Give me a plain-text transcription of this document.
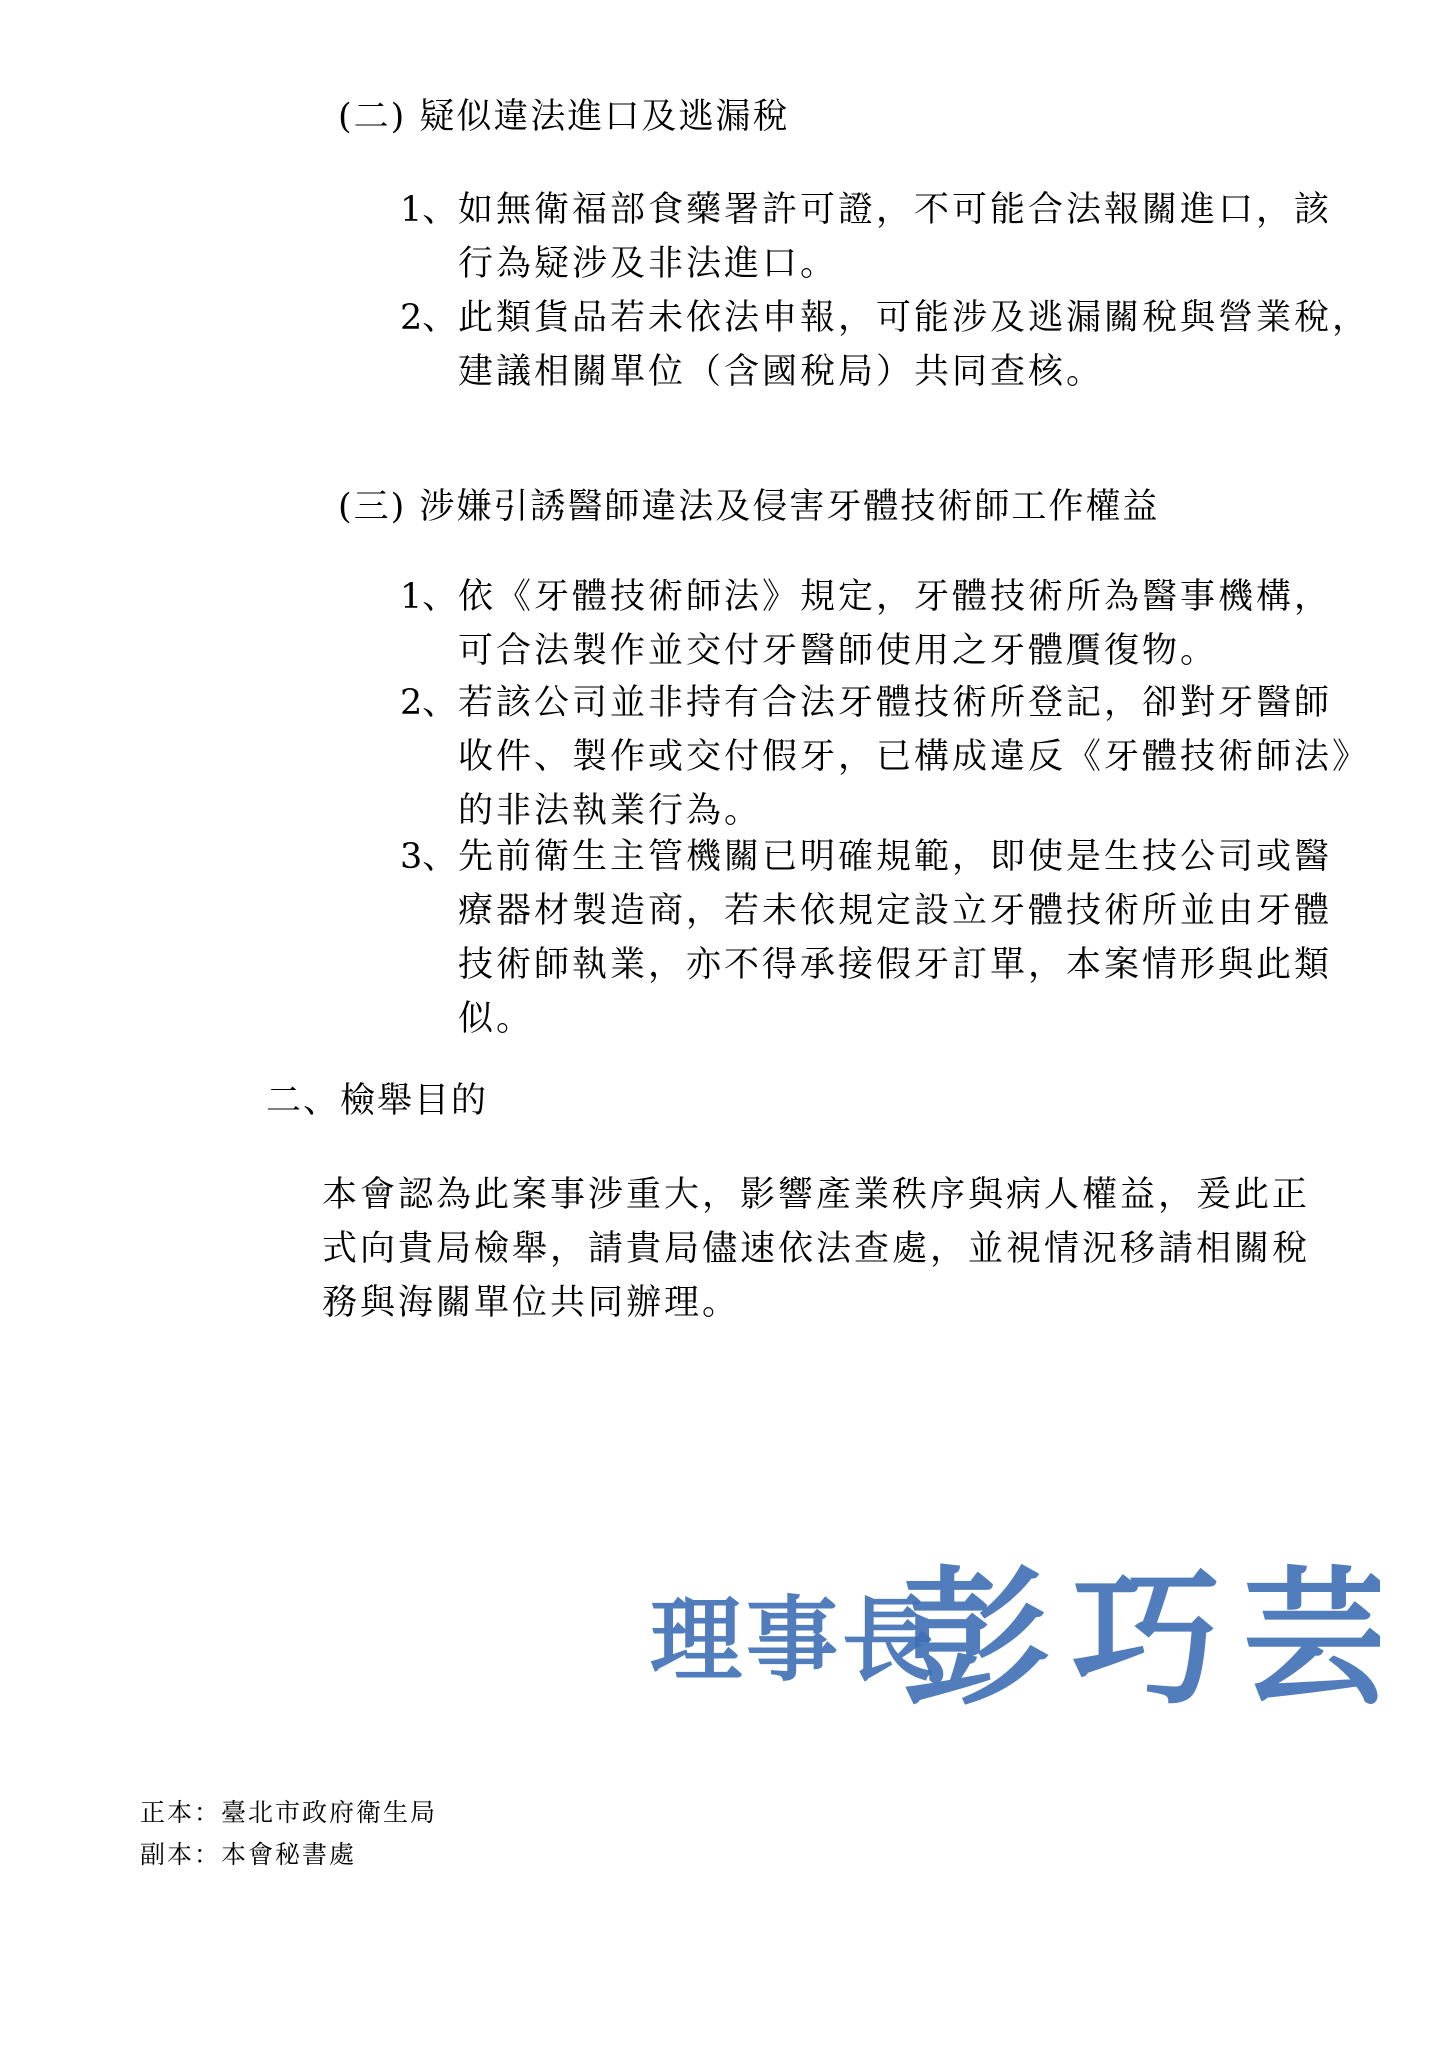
(二) 疑似違法進口及逃漏稅
1、 如無衛福部食藥署許可證，不可能合法報關進口，該
行為疑涉及非法進口。
2、 此類貨品若未依法申報，可能涉及逃漏關稅與營業稅，
建議相關單位（含國稅局）共同查核。
(三) 涉嫌引誘醫師違法及侵害牙體技術師工作權益
1、 依《牙體技術師法》規定，牙體技術所為醫事機構，
可合法製作並交付牙醫師使用之牙體贋復物。
2、 若該公司並非持有合法牙體技術所登記，卻對牙醫師
收件、製作或交付假牙，已構成違反《牙體技術師法》
的非法執業行為。
3、 先前衛生主管機關已明確規範，即使是生技公司或醫
療器材製造商，若未依規定設立牙體技術所並由牙體
技術師執業，亦不得承接假牙訂單，本案情形與此類
似。
二、檢舉目的
本會認為此案事涉重大，影響產業秩序與病人權益，爰此正
式向貴局檢舉，請貴局儘速依法查處，並視情況移請相關稅
務與海關單位共同辦理。
理事長
彭巧芸
正本：臺北市政府衛生局
副本：本會秘書處
